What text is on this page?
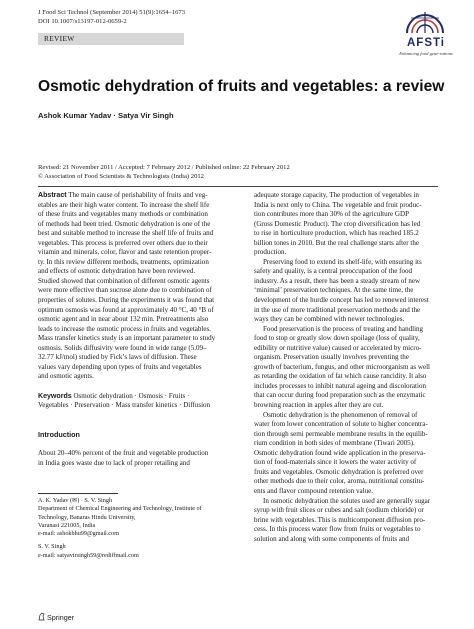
J Food Sci Technol (September 2014) 51(9):1654–1673
DOI 10.1007/s13197-012-0659-2
REVIEW	AFSTi
Enhancing food gene-rations
Osmotic dehydration of fruits and vegetables: a review
Ashok Kumar Yadav · Satya Vir Singh
Revised: 21 November 2011 / Accepted: 7 February 2012 / Published online: 22 February 2012
© Association of Food Scientists & Technologists (India) 2012
Abstract The main cause of perishability of fruits and veg-
etables are their high water content. To increase the shelf life
of these fruits and vegetables many methods or combination
of methods had been tried. Osmotic dehydration is one of the
best and suitable method to increase the shelf life of fruits and
vegetables. This process is preferred over others due to their
vitamin and minerals, color, flavor and taste retention proper-
ty. In this review different methods, treatments, optimization
and effects of osmotic dehydration have been reviewed.
Studied showed that combination of different osmotic agents
were more effective than sucrose alone due to combination of
properties of solutes. During the experiments it was found that
optimum osmosis was found at approximately 40 °C, 40 °B of
osmotic agent and in near about 132 min. Pretreatments also
leads to increase the osmotic process in fruits and vegetables.
Mass transfer kinetics study is an important parameter to study
osmosis. Solids diffusivity were found in wide range (5.09–
32.77 kJ/mol) studied by Fick’s laws of diffusion. These
values vary depending upon types of fruits and vegetables
and osmotic agents.
Keywords Osmotic dehydration · Osmosis · Fruits ·
Vegetables · Preservation · Mass transfer kinetics · Diffusion
Introduction
About 20–40% percent of the fruit and vegetable production
in India goes waste due to lack of proper retailing and
A. K. Yadav (✉) · S. V. Singh
Department of Chemical Engineering and Technology, Institute of
Technology, Banaras Hindu University,
Varanasi 221005, India
e-mail: ashokbhu99@gmail.com
S. V. Singh
e-mail: satyavirsingh59@rediffmail.com
Springer
adequate storage capacity, The production of vegetables in
India is next only to China. The vegetable and fruit produc-
tion contributes more than 30% of the agriculture GDP
(Gross Domestic Product). The crop diversification has led
to rise in horticulture production, which has reached 185.2
billion tones in 2010. But the real challenge starts after the
production.
Preserving food to extend its shelf-life, with ensuring its
safety and quality, is a central preoccupation of the food
industry. As a result, there has been a steady stream of new
‘minimal’ preservation techniques. At the same time, the
development of the hurdle concept has led to renewed interest
in the use of more traditional preservation methods and the
ways they can be combined with newer technologies.
Food preservation is the process of treating and handling
food to stop or greatly slow down spoilage (loss of quality,
edibility or nutritive value) caused or accelerated by micro-
organism. Preservation usually involves preventing the
growth of bacterium, fungus, and other microorganism as well
as retarding the oxidation of fat which cause rancidity. It also
includes processes to inhibit natural ageing and discoloration
that can occur during food preparation such as the enzymatic
browning reaction in apples after they are cut.
Osmotic dehydration is the phenomenon of removal of
water from lower concentration of solute to higher concentra-
tion through semi permeable membrane results in the equilib-
rium condition in both sides of membrane (Tiwari 2005).
Osmotic dehydration found wide application in the preserva-
tion of food-materials since it lowers the water activity of
fruits and vegetables. Osmotic dehydration is preferred over
other methods due to their color, aroma, nutritional constitu-
ents and flavor compound retention value.
In osmotic dehydration the solutes used are generally sugar
syrup with fruit slices or cubes and salt (sodium chloride) or
brine with vegetables. This is multicomponent diffusion pro-
cess. In this process water flow from fruits or vegetables to
solution and along with some components of fruits and
